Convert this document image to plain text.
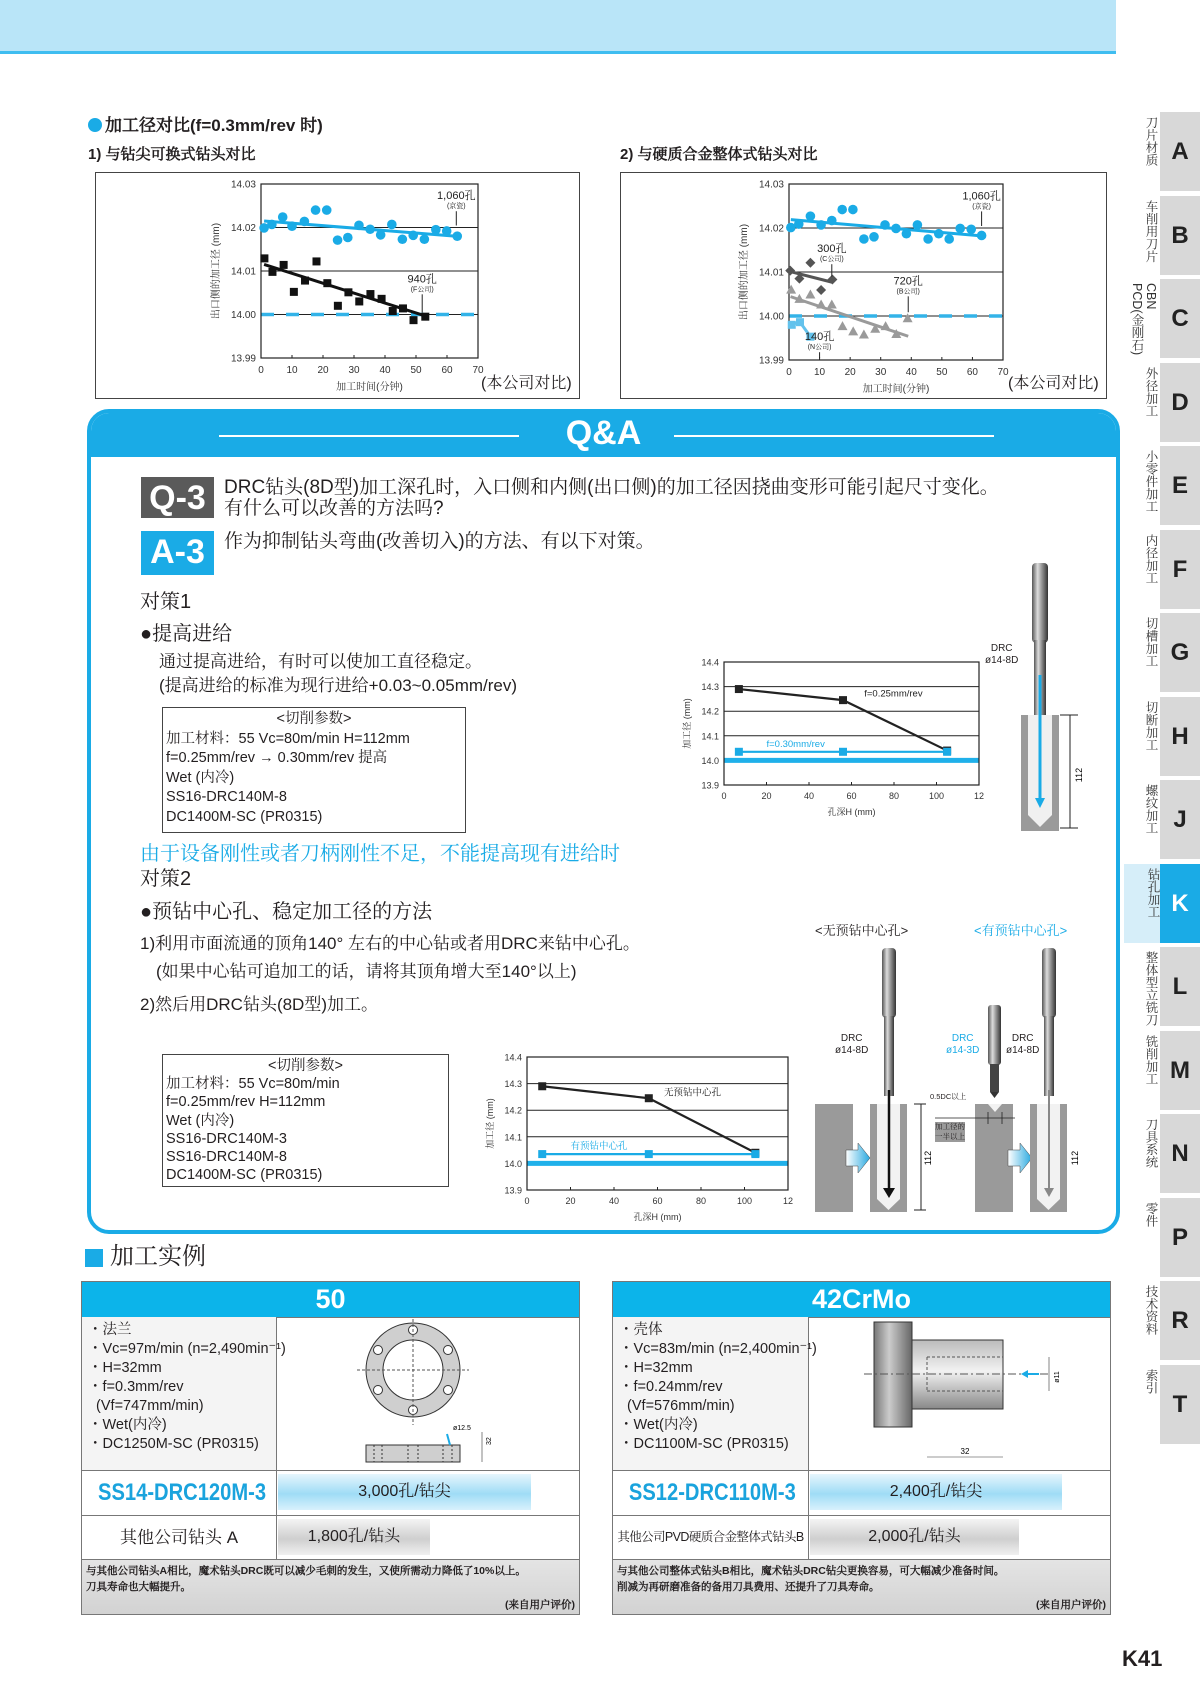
加工径对比(f=0.3mm/rev 时)
1) 与钻尖可换式钻头对比	2) 与硬质合金整体式钻头对比
(本公司对比)	(本公司对比)
Q&A
Q-3 DRC钻头(8D型)加工深孔时，入口侧和内侧(出口侧)的加工径因挠曲变形可能引起尺寸变化。
有什么可以改善的方法吗?
A-3	作为抑制钻头弯曲(改善切入)的方法、有以下对策。
对策1
●提高进给
通过提高进给，有时可以使加工直径稳定。
(提高进给的标准为现行进给+0.03~0.05mm/rev)
<切削参数>
加工材料：55 Vc=80m/min H=112mm
f=0.25mm/rev → 0.30mm/rev 提高
Wet (内冷)
SS16-DRC140M-8
DC1400M-SC (PR0315)
112
DRC
ø14-8D
由于设备刚性或者刀柄刚性不足，不能提高现有进给时
对策2
●预钻中心孔、稳定加工径的方法
1)利用市面流通的顶角140° 左右的中心钻或者用DRC来钻中心孔。
(如果中心钻可追加工的话，请将其顶角增大至140°以上)
2)然后用DRC钻头(8D型)加工。
<切削参数>
加工材料：55 Vc=80m/min
f=0.25mm/rev H=112mm
Wet (内冷)
SS16-DRC140M-3
SS16-DRC140M-8
DC1400M-SC (PR0315)
112	112
<无预钻中心孔>	<有预钻中心孔>
DRC
ø14-8D
DRC
ø14-3D
DRC
ø14-8D
0.5DC以上
加工径的
一半以上
13.99
14.00
14.01
14.02
14.03
0 10 20 30 40 50 60 70
加工时间(分钟)
出口侧的加工径 (mm)
1,060孔
(京瓷)
940孔
(F公司)
13.99
14.00
14.01
14.02
14.03
0 10 20 30 40 50 60 70
加工时间(分钟)
出口侧的加工径 (mm)
1,060孔
(京瓷)
300孔
(C公司)
720孔
(B公司)
140孔
(N公司)
13.9
14.0
14.1
14.2
14.3
14.4
0	20	40	60	80	100	12
孔深H (mm)
加工径 (mm)
f=0.25mm/rev
f=0.30mm/rev
13.9
14.0
14.1
14.2
14.3
14.4
0	20	40	60	80	100	12
孔深H (mm)
加工径 (mm)
无预钻中心孔
有预钻中心孔
加工实例
50
・法兰
・Vc=97m/min (n=2,490min⁻¹)
・H=32mm
・f=0.3mm/rev
(Vf=747mm/min)
・Wet(内冷)
・DC1250M-SC (PR0315)
ø12.5
32
SS14-DRC120M-3	3,000孔/钻尖
其他公司钻头 A	1,800孔/钻头
与其他公司钻头A相比，魔术钻头DRC既可以减少毛刺的发生，又使所需动力降低了10%以上。
刀具寿命也大幅提升。
(来自用户评价)
42CrMo
・壳体
・Vc=83m/min (n=2,400min⁻¹)
・H=32mm
・f=0.24mm/rev
(Vf=576mm/min)
・Wet(内冷)
・DC1100M-SC (PR0315)
ø11
32
SS12-DRC110M-3	2,400孔/钻尖
其他公司PVD硬质合金整体式钻头B	2,000孔/钻头
与其他公司整体式钻头B相比，魔术钻头DRC钻尖更换容易，可大幅减少准备时间。
削减为再研磨准备的备用刀具费用、还提升了刀具寿命。
(来自用户评价)
刀片材质 A
车削用刀片 B
CBN
PCD(金刚石)	C
外径加工 D
小零件加工 E
内径加工 F
切槽加工 G
切断加工 H
螺纹加工 J
钻孔加工 K
整体型立铣刀 L
铣削加工 M
刀具系统 N
零件
P
技术资料 R
索引
T
K41
